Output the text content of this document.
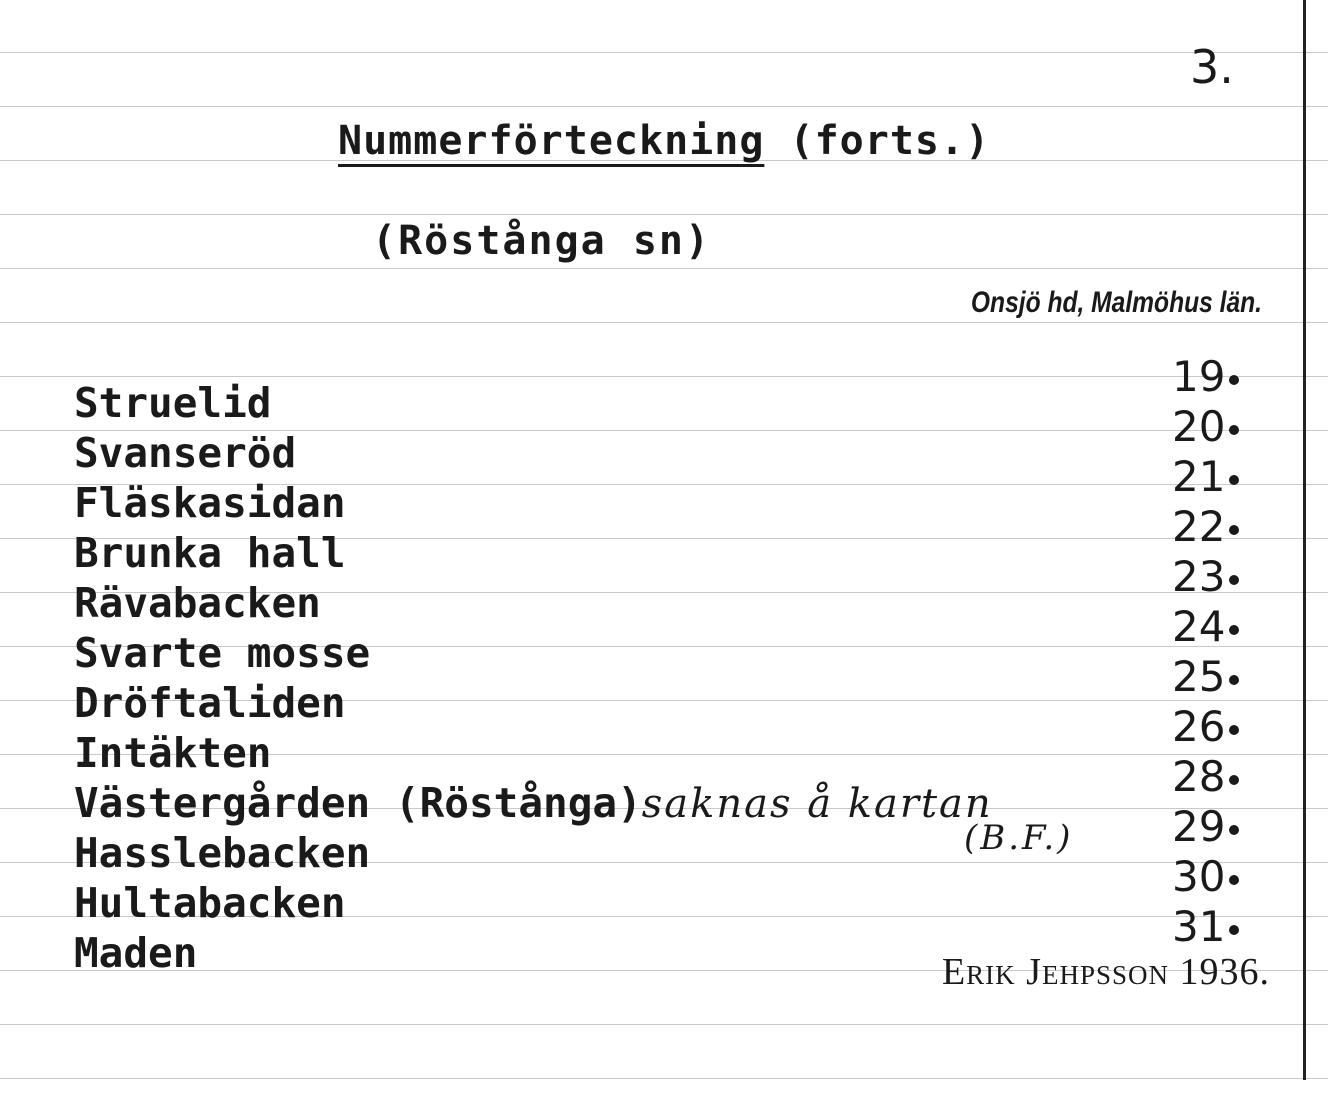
3.
Nummerförteckning (forts.)
(Röstånga sn)
Onsjö hd, Malmöhus län.
Struelid
Svanseröd
Fläskasidan
Brunka hall
Rävabacken
Svarte mosse
Dröftaliden
Intäkten
Västergården (Röstånga)saknas å kartan
Hasslebacken
Hultabacken
Maden
(B.F.)
19
20
21
22
23
24
25
26
28
29
30
31
Erik Jehpsson 1936.
